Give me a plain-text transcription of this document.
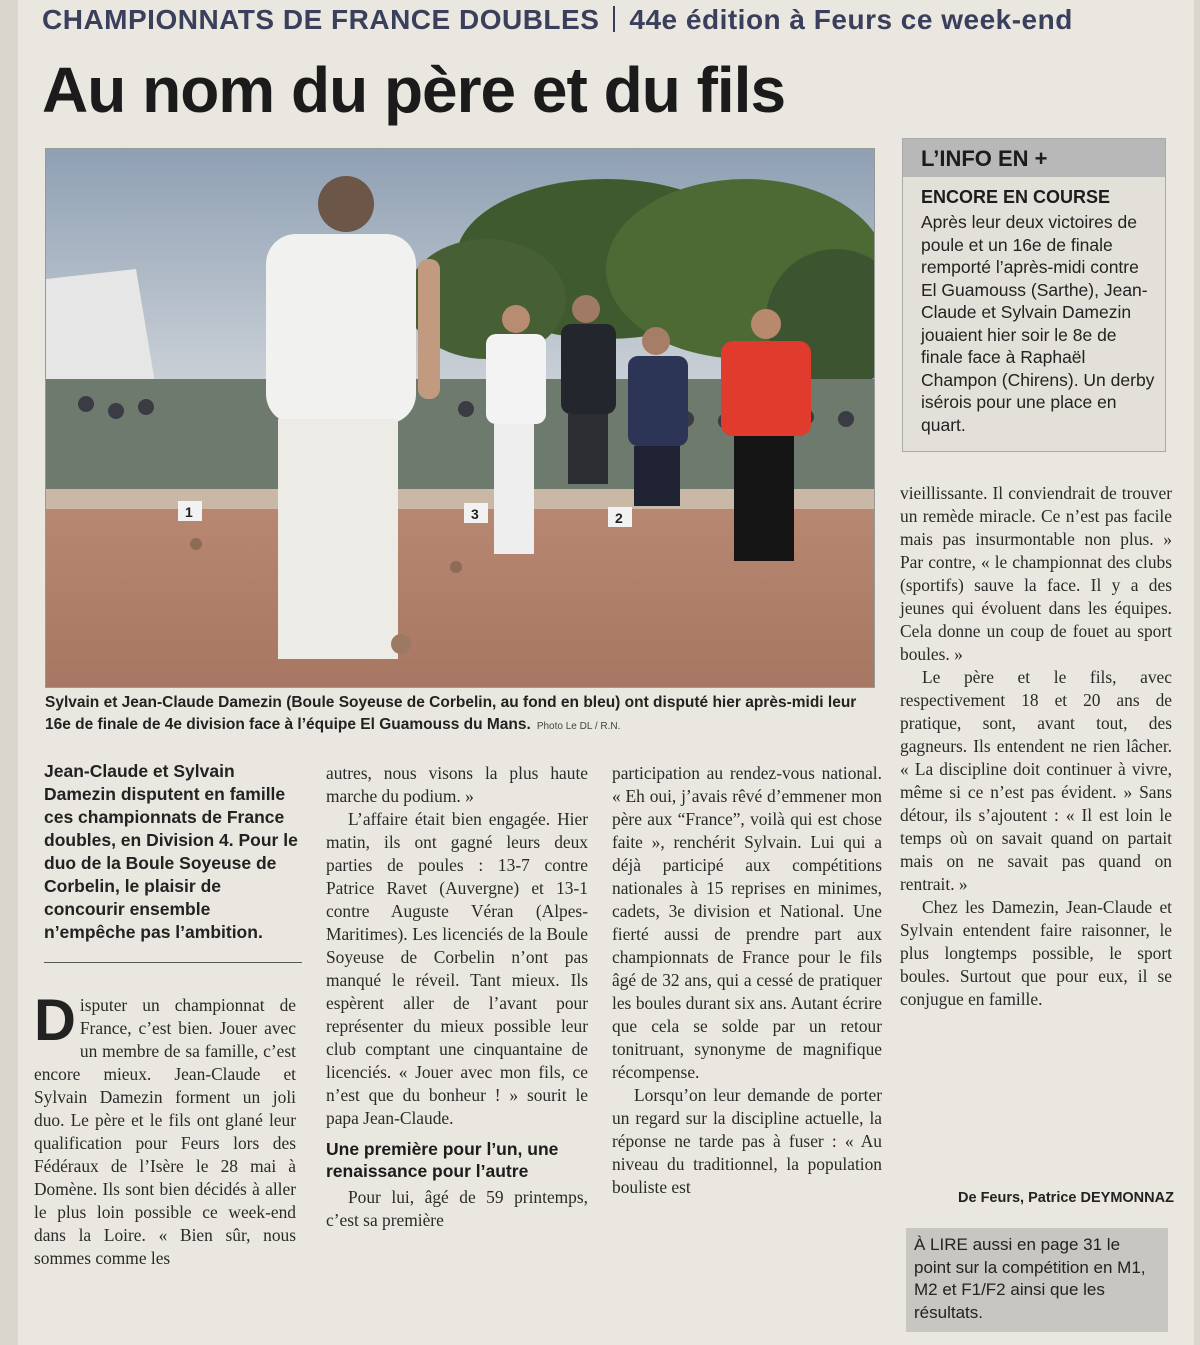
CHAMPIONNATS DE FRANCE DOUBLES 44e édition à Feurs ce week-end
Au nom du père et du fils
1	3	2
Sylvain et Jean-Claude Damezin (Boule Soyeuse de Corbelin, au fond en bleu) ont disputé hier après-midi leur 16e de finale de 4e division face à l’équipe El Guamouss du Mans. Photo Le DL / R.N.
L’INFO EN +
ENCORE EN COURSE
Après leur deux victoires de poule et un 16e de finale remporté l’après-midi contre El Guamouss (Sarthe), Jean-Claude et Sylvain Damezin jouaient hier soir le 8e de finale face à Raphaël Champon (Chirens). Un derby isérois pour une place en quart.
Jean-Claude et Sylvain Damezin disputent en famille ces championnats de France doubles, en Division 4. Pour le duo de la Boule Soyeuse de Corbelin, le plaisir de concourir ensemble n’empêche pas l’ambition.
Disputer un championnat de France, c’est bien. Jouer avec un membre de sa famille, c’est encore mieux. Jean-Claude et Sylvain Damezin forment un joli duo. Le père et le fils ont glané leur qualification pour Feurs lors des Fédéraux de l’Isère le 28 mai à Domène. Ils sont bien décidés à aller le plus loin possible ce week-end dans la Loire. « Bien sûr, nous sommes comme les

autres, nous visons la plus haute marche du podium. »

L’affaire était bien engagée. Hier matin, ils ont gagné leurs deux parties de poules : 13-7 contre Patrice Ravet (Auvergne) et 13-1 contre Auguste Véran (Alpes-Maritimes). Les licenciés de la Boule Soyeuse de Corbelin n’ont pas manqué le réveil. Tant mieux. Ils espèrent aller de l’avant pour représenter du mieux possible leur club comptant une cinquantaine de licenciés. « Jouer avec mon fils, ce n’est que du bonheur ! » sourit le papa Jean-Claude.

Une première pour l’un, une renaissance pour l’autre

Pour lui, âgé de 59 printemps, c’est sa première

participation au rendez-vous national. « Eh oui, j’avais rêvé d’emmener mon père aux “France”, voilà qui est chose faite », renchérit Sylvain. Lui qui a déjà participé aux compétitions nationales à 15 reprises en minimes, cadets, 3e division et National. Une fierté aussi de prendre part aux championnats de France pour le fils âgé de 32 ans, qui a cessé de pratiquer les boules durant six ans. Autant écrire que cela se solde par un retour tonitruant, synonyme de magnifique récompense.

Lorsqu’on leur demande de porter un regard sur la discipline actuelle, la réponse ne tarde pas à fuser : « Au niveau du traditionnel, la population bouliste est

vieillissante. Il conviendrait de trouver un remède miracle. Ce n’est pas facile mais pas insurmontable non plus. » Par contre, « le championnat des clubs (sportifs) sauve la face. Il y a des jeunes qui évoluent dans les équipes. Cela donne un coup de fouet au sport boules. »

Le père et le fils, avec respectivement 18 et 20 ans de pratique, sont, avant tout, des gagneurs. Ils entendent ne rien lâcher. « La discipline doit continuer à vivre, même si ce n’est pas évident. » Sans détour, ils s’ajoutent : « Il est loin le temps où on savait quand on partait mais on ne savait pas quand on rentrait. »

Chez les Damezin, Jean-Claude et Sylvain entendent faire raisonner, le plus longtemps possible, le sport boules. Surtout que pour eux, il se conjugue en famille.

De Feurs, Patrice DEYMONNAZ
À LIRE aussi en page 31 le point sur la compétition en M1, M2 et F1/F2 ainsi que les résultats.
